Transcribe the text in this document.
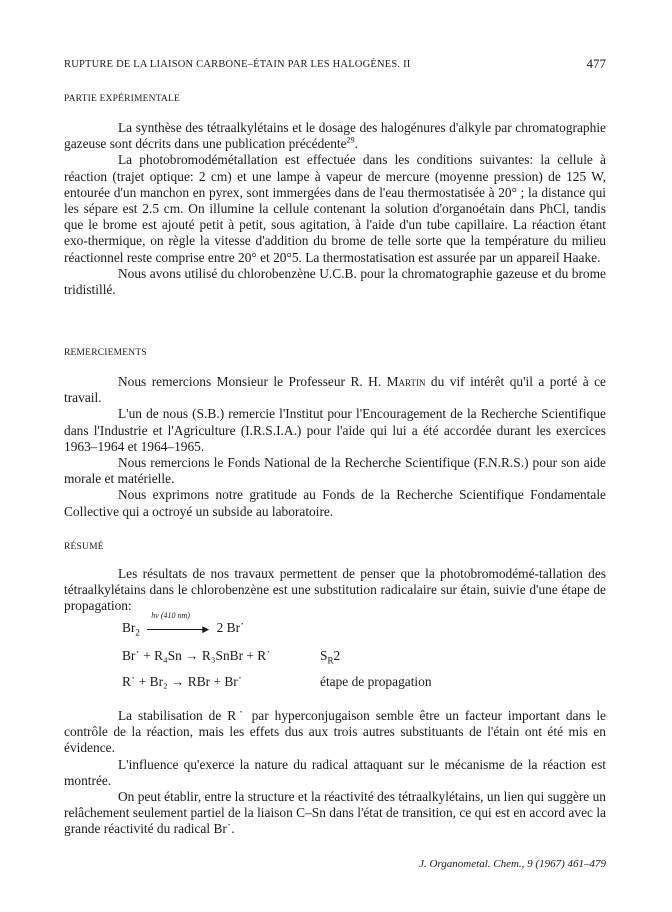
RUPTURE DE LA LIAISON CARBONE–ÉTAIN PAR LES HALOGÈNES. II	477
PARTIE EXPÉRIMENTALE

La synthèse des tétraalkylétains et le dosage des halogénures d'alkyle par chromatographie gazeuse sont décrits dans une publication précédente$^{29}$.

La photobromodémétallation est effectuée dans les conditions suivantes: la cellule à réaction (trajet optique: 2 cm) et une lampe à vapeur de mercure (moyenne pression) de 125 W, entourée d'un manchon en pyrex, sont immergées dans de l'eau thermostatisée à 20° ; la distance qui les sépare est 2.5 cm. On illumine la cellule contenant la solution d'organoétain dans PhCl, tandis que le brome est ajouté petit à petit, sous agitation, à l'aide d'un tube capillaire. La réaction étant exo-thermique, on règle la vitesse d'addition du brome de telle sorte que la température du milieu réactionnel reste comprise entre 20° et 20°5. La thermostatisation est assurée par un appareil Haake.

Nous avons utilisé du chlorobenzène U.C.B. pour la chromatographie gazeuse et du brome tridistillé.

REMERCIEMENTS

Nous remercions Monsieur le Professeur R. H. Martin du vif intérêt qu'il a porté à ce travail.

L'un de nous (S.B.) remercie l'Institut pour l'Encouragement de la Recherche Scientifique dans l'Industrie et l'Agriculture (I.R.S.I.A.) pour l'aide qui lui a été accordée durant les exercices 1963–1964 et 1964–1965.

Nous remercions le Fonds National de la Recherche Scientifique (F.N.R.S.) pour son aide morale et matérielle.

Nous exprimons notre gratitude au Fonds de la Recherche Scientifique Fondamentale Collective qui a octroyé un subside au laboratoire.

RÉSUMÉ

Les résultats de nos travaux permettent de penser que la photobromodémé-tallation des tétraalkylétains dans le chlorobenzène est une substitution radicalaire sur étain, suivie d'une étape de propagation:

$Br_2$
hν (410 nm)
▶ 2 Br˙
Br˙ + R₄Sn → R₃SnBr + R˙	$S_R2$
R˙ + Br₂ → RBr + Br˙	étape de propagation

La stabilisation de R˙ par hyperconjugaison semble être un facteur important dans le contrôle de la réaction, mais les effets dus aux trois autres substituants de l'étain ont été mis en évidence.

L'influence qu'exerce la nature du radical attaquant sur le mécanisme de la réaction est montrée.

On peut établir, entre la structure et la réactivité des tétraalkylétains, un lien qui suggère un relâchement seulement partiel de la liaison C–Sn dans l'état de transition, ce qui est en accord avec la grande réactivité du radical Br˙.

J. Organometal. Chem., 9 (1967) 461–479
